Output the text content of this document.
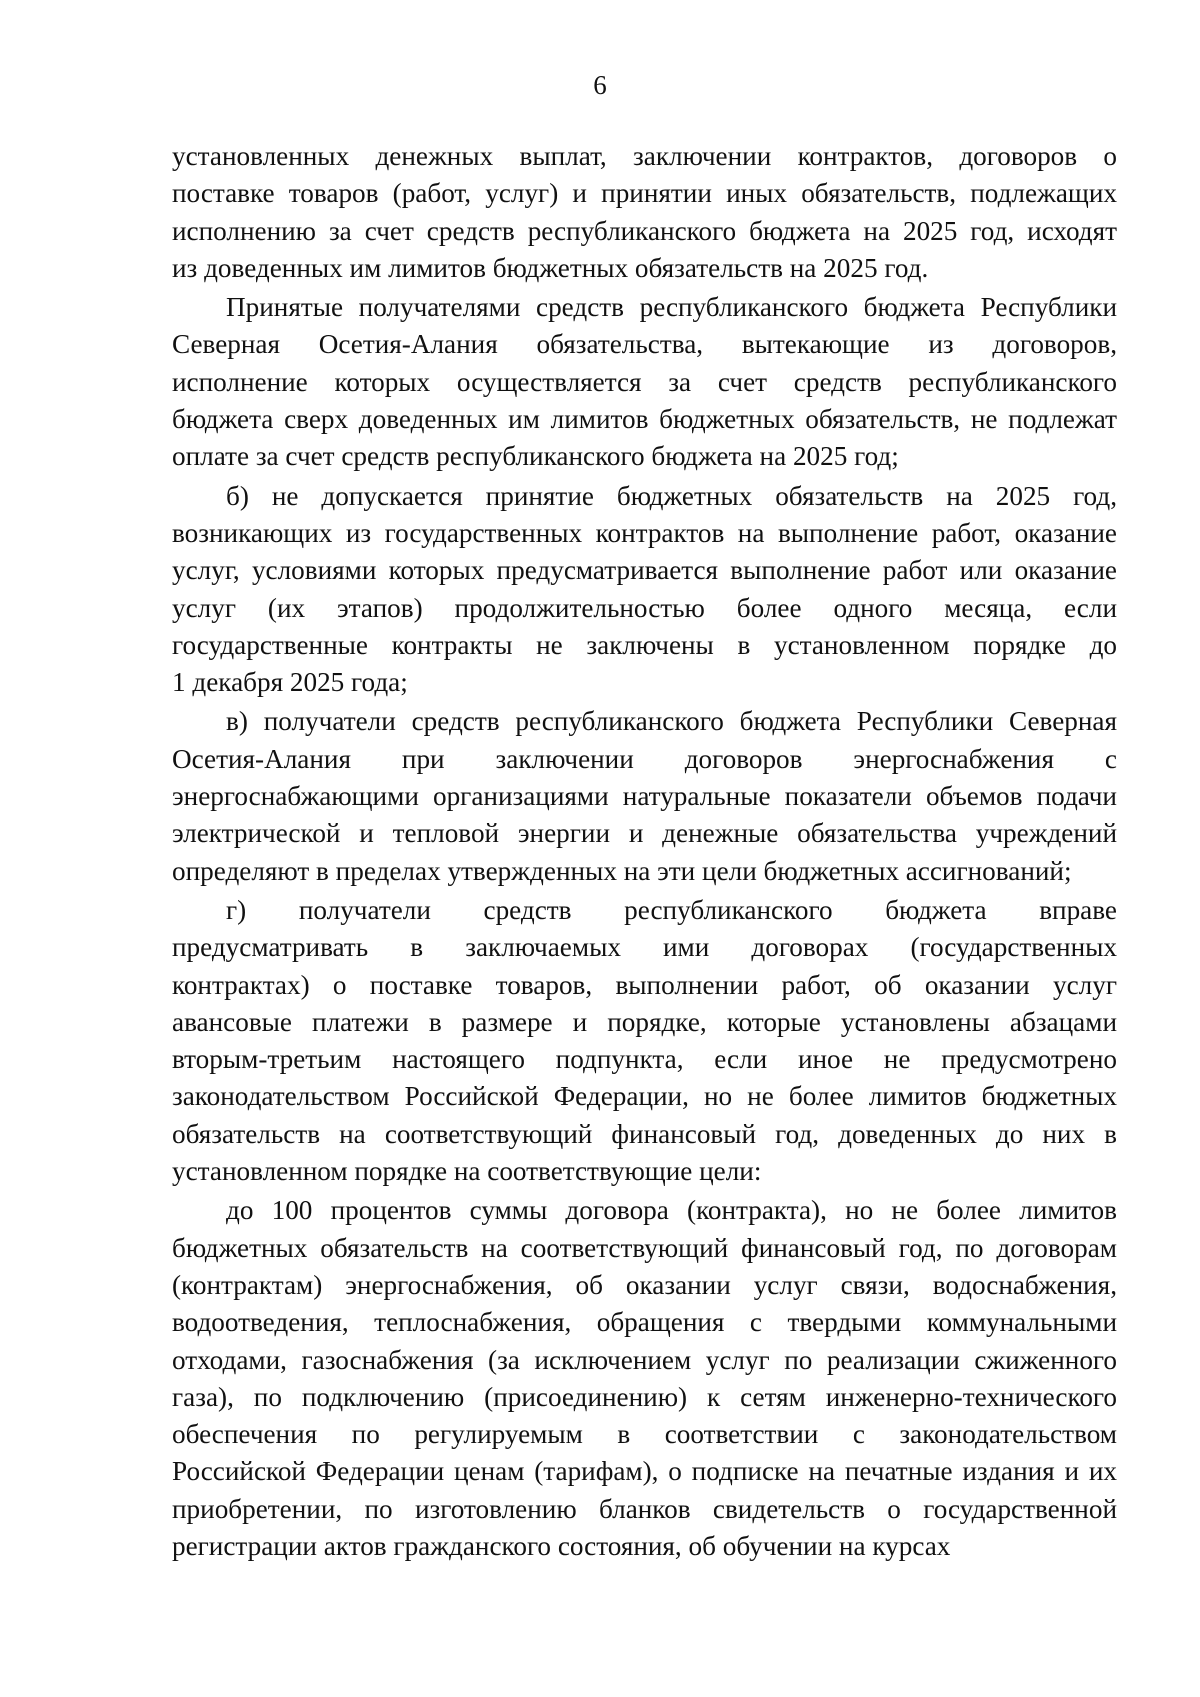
6
установленных денежных выплат, заключении контрактов, договоров о
поставке товаров (работ, услуг) и принятии иных обязательств, подлежащих
исполнению за счет средств республиканского бюджета на 2025 год, исходят
из доведенных им лимитов бюджетных обязательств на 2025 год.
Принятые получателями средств республиканского бюджета Республики
Северная Осетия-Алания обязательства, вытекающие из договоров,
исполнение которых осуществляется за счет средств республиканского
бюджета сверх доведенных им лимитов бюджетных обязательств, не подлежат
оплате за счет средств республиканского бюджета на 2025 год;
б) не допускается принятие бюджетных обязательств на 2025 год,
возникающих из государственных контрактов на выполнение работ, оказание
услуг, условиями которых предусматривается выполнение работ или оказание
услуг (их этапов) продолжительностью более одного месяца, если
государственные контракты не заключены в установленном порядке до
1 декабря 2025 года;
в) получатели средств республиканского бюджета Республики Северная
Осетия-Алания при заключении договоров энергоснабжения с
энергоснабжающими организациями натуральные показатели объемов подачи
электрической и тепловой энергии и денежные обязательства учреждений
определяют в пределах утвержденных на эти цели бюджетных ассигнований;
г) получатели средств республиканского бюджета вправе
предусматривать в заключаемых ими договорах (государственных
контрактах) о поставке товаров, выполнении работ, об оказании услуг
авансовые платежи в размере и порядке, которые установлены абзацами
вторым-третьим настоящего подпункта, если иное не предусмотрено
законодательством Российской Федерации, но не более лимитов бюджетных
обязательств на соответствующий финансовый год, доведенных до них в
установленном порядке на соответствующие цели:
до 100 процентов суммы договора (контракта), но не более лимитов
бюджетных обязательств на соответствующий финансовый год, по договорам
(контрактам) энергоснабжения, об оказании услуг связи, водоснабжения,
водоотведения, теплоснабжения, обращения с твердыми коммунальными
отходами, газоснабжения (за исключением услуг по реализации сжиженного
газа), по подключению (присоединению) к сетям инженерно-технического
обеспечения по регулируемым в соответствии с законодательством
Российской Федерации ценам (тарифам), о подписке на печатные издания и их
приобретении, по изготовлению бланков свидетельств о государственной
регистрации актов гражданского состояния, об обучении на курсах
